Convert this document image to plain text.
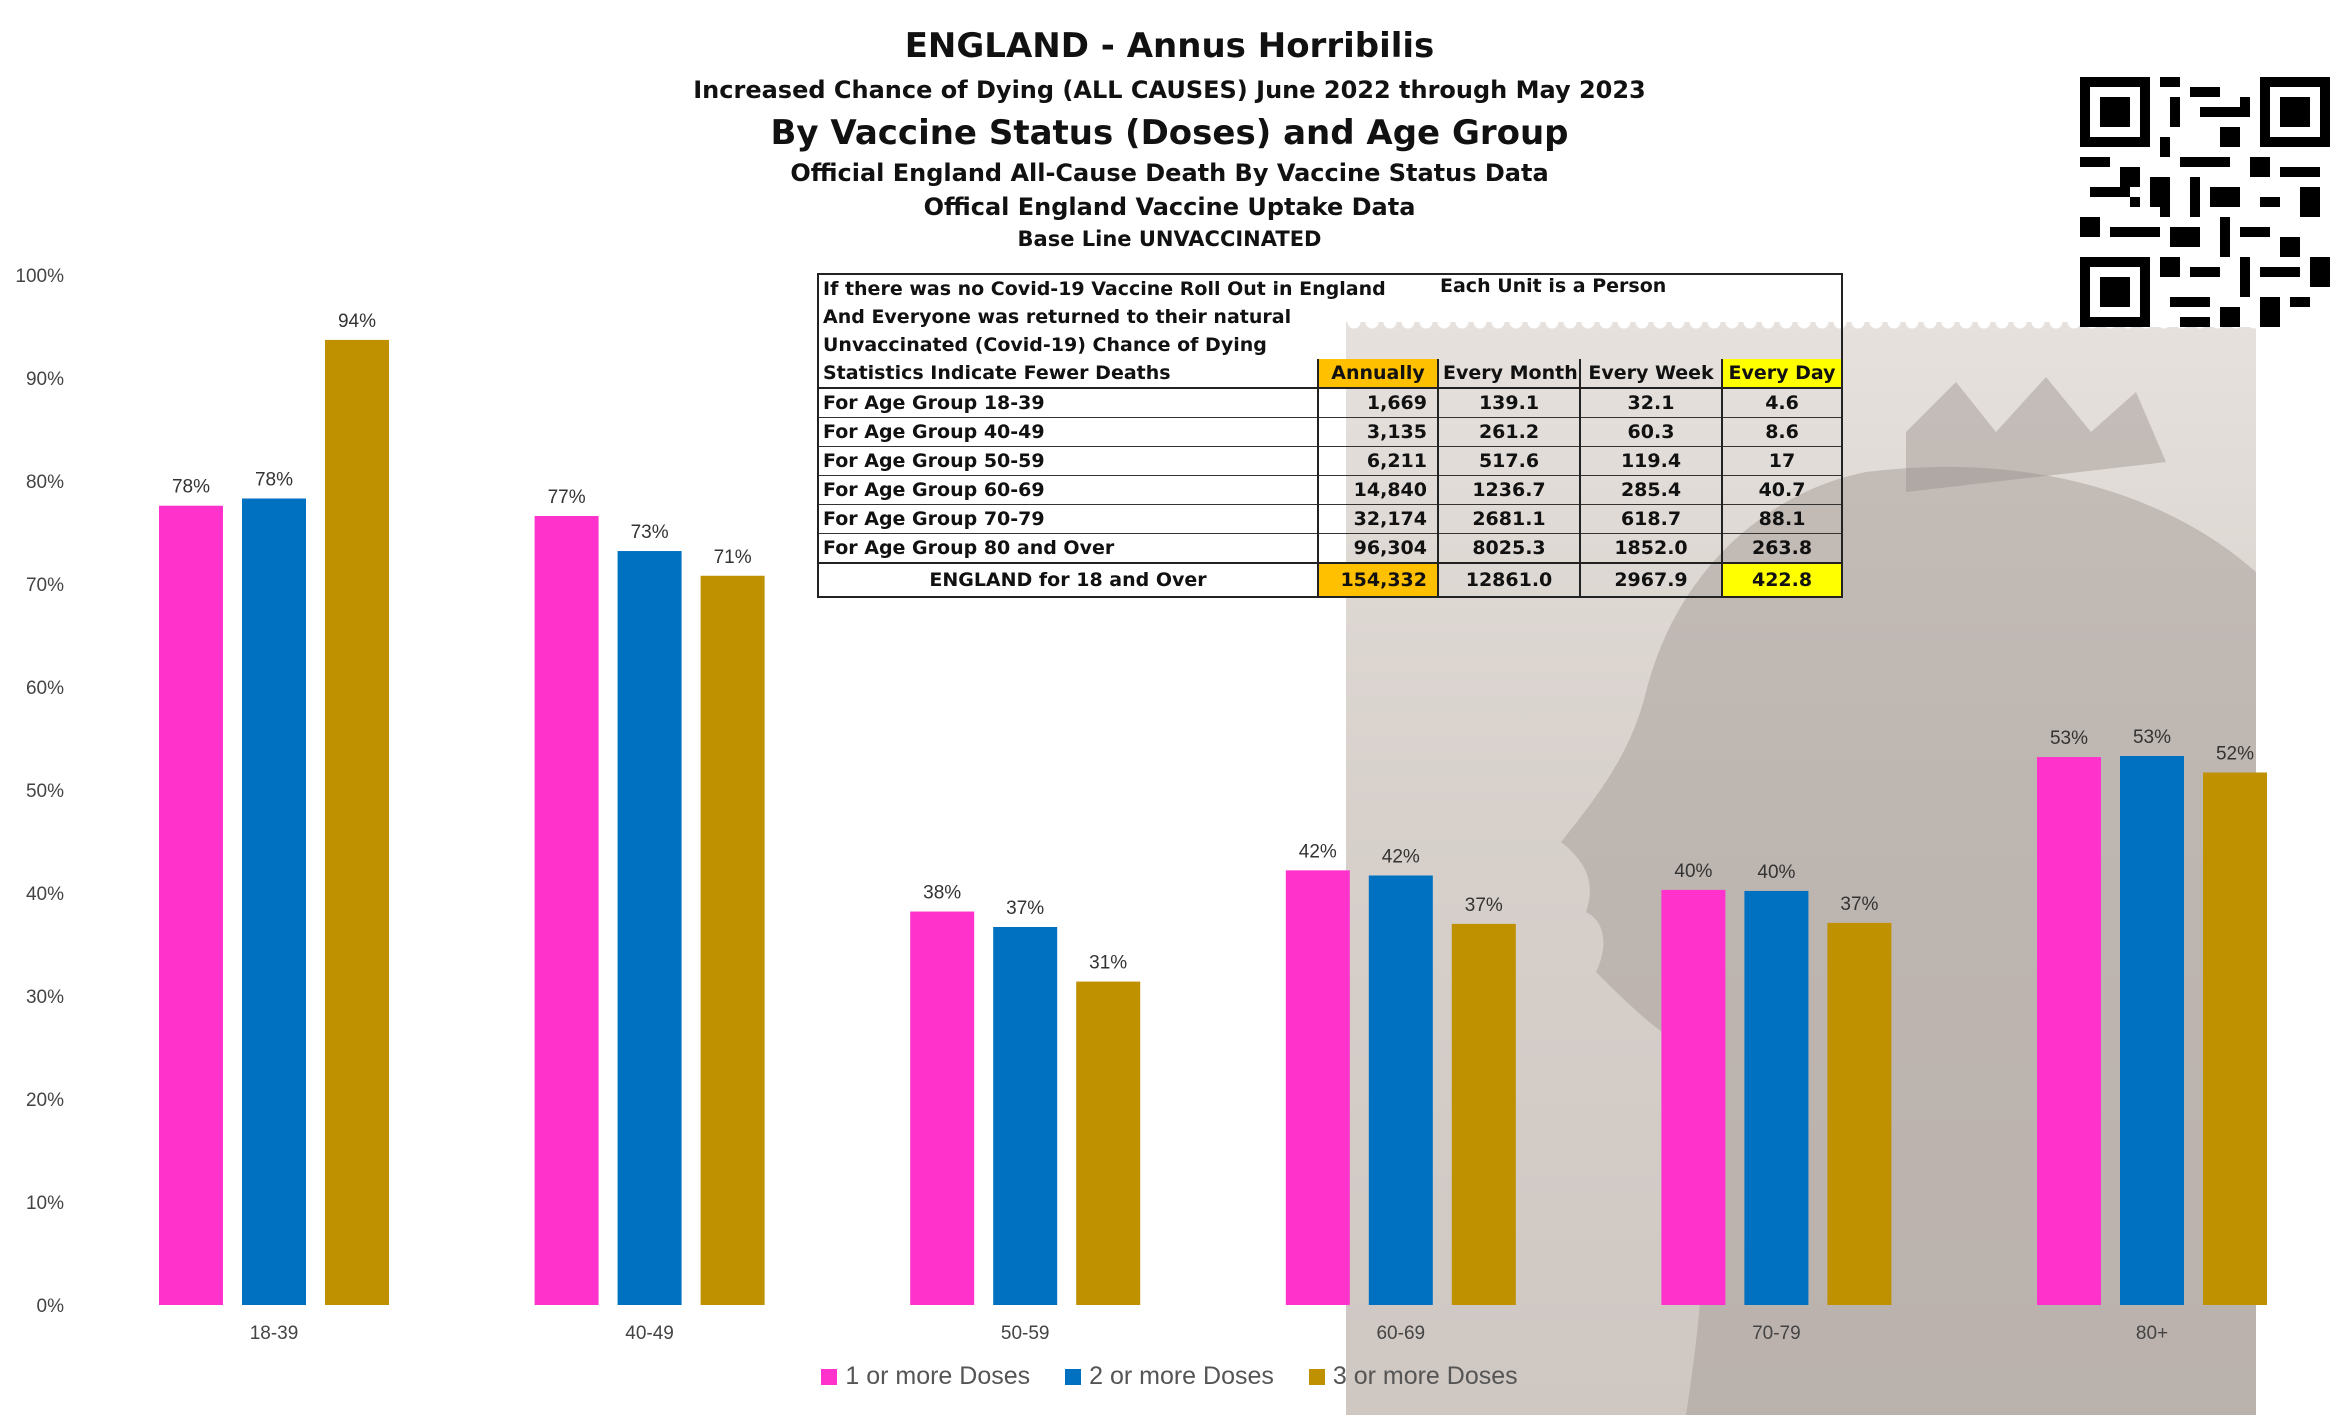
ENGLAND - Annus Horribilis
Increased Chance of Dying (ALL CAUSES) June 2022 through May 2023
By Vaccine Status (Doses) and Age Group
Official England All-Cause Death By Vaccine Status Data
Offical England Vaccine Uptake Data
Base Line UNVACCINATED
0%
10%
20%
30%
40%
50%
60%
70%
80%
90%
100%
78% 78%
94%
77%
73%
71%
38%
37%
31%
42% 42%
37%
40% 40%
37%
53% 53%
52%
18-39	40-49	50-59	60-69	70-79	80+
Each Unit is a Person
If there was no Covid-19 Vaccine Roll Out in England				
And Everyone was returned to their natural				
Unvaccinated (Covid-19) Chance of Dying				
Statistics Indicate Fewer Deaths	Annually	Every Month	Every Week	Every Day
For Age Group 18-39	1,669	139.1	32.1	4.6
For Age Group 40-49	3,135	261.2	60.3	8.6
For Age Group 50-59	6,211	517.6	119.4	17
For Age Group 60-69	14,840	1236.7	285.4	40.7
For Age Group 70-79	32,174	2681.1	618.7	88.1
For Age Group 80 and Over	96,304	8025.3	1852.0	263.8
ENGLAND for 18 and Over	154,332	12861.0	2967.9	422.8
1 or more Doses 2 or more Doses 3 or more Doses
